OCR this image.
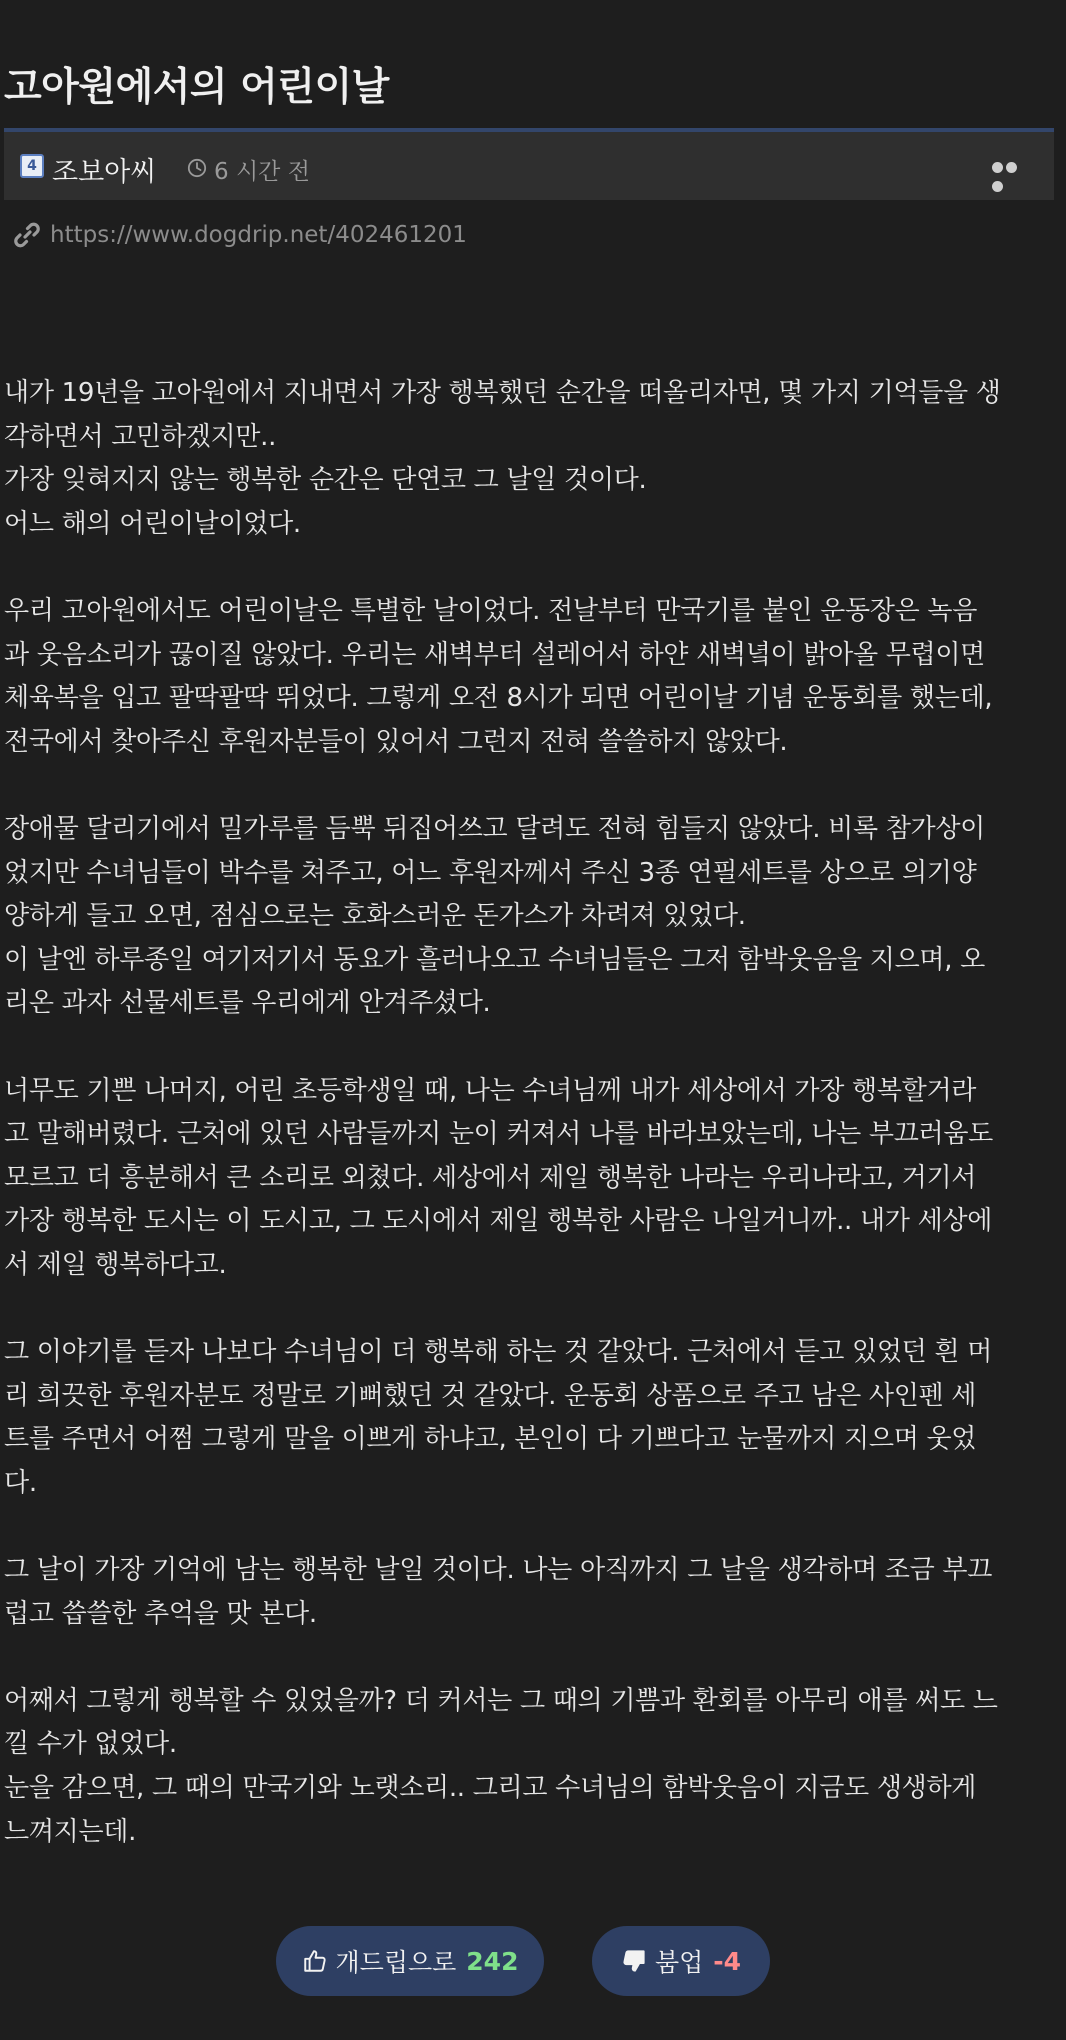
고아원에서의 어린이날
4 조보아씨	6 시간 전
https://www.dogdrip.net/402461201

내가 19년을 고아원에서 지내면서 가장 행복했던 순간을 떠올리자면, 몇 가지 기억들을 생
각하면서 고민하겠지만..
가장 잊혀지지 않는 행복한 순간은 단연코 그 날일 것이다.
어느 해의 어린이날이었다.

우리 고아원에서도 어린이날은 특별한 날이었다. 전날부터 만국기를 붙인 운동장은 녹음
과 웃음소리가 끊이질 않았다. 우리는 새벽부터 설레어서 하얀 새벽녘이 밝아올 무렵이면
체육복을 입고 팔딱팔딱 뛰었다. 그렇게 오전 8시가 되면 어린이날 기념 운동회를 했는데,
전국에서 찾아주신 후원자분들이 있어서 그런지 전혀 쓸쓸하지 않았다.

장애물 달리기에서 밀가루를 듬뿍 뒤집어쓰고 달려도 전혀 힘들지 않았다. 비록 참가상이
었지만 수녀님들이 박수를 쳐주고, 어느 후원자께서 주신 3종 연필세트를 상으로 의기양
양하게 들고 오면, 점심으로는 호화스러운 돈가스가 차려져 있었다.
이 날엔 하루종일 여기저기서 동요가 흘러나오고 수녀님들은 그저 함박웃음을 지으며, 오
리온 과자 선물세트를 우리에게 안겨주셨다.

너무도 기쁜 나머지, 어린 초등학생일 때, 나는 수녀님께 내가 세상에서 가장 행복할거라
고 말해버렸다. 근처에 있던 사람들까지 눈이 커져서 나를 바라보았는데, 나는 부끄러움도
모르고 더 흥분해서 큰 소리로 외쳤다. 세상에서 제일 행복한 나라는 우리나라고, 거기서
가장 행복한 도시는 이 도시고, 그 도시에서 제일 행복한 사람은 나일거니까.. 내가 세상에
서 제일 행복하다고.

그 이야기를 듣자 나보다 수녀님이 더 행복해 하는 것 같았다. 근처에서 듣고 있었던 흰 머
리 희끗한 후원자분도 정말로 기뻐했던 것 같았다. 운동회 상품으로 주고 남은 사인펜 세
트를 주면서 어쩜 그렇게 말을 이쁘게 하냐고, 본인이 다 기쁘다고 눈물까지 지으며 웃었
다.

그 날이 가장 기억에 남는 행복한 날일 것이다. 나는 아직까지 그 날을 생각하며 조금 부끄
럽고 씁쓸한 추억을 맛 본다.

어째서 그렇게 행복할 수 있었을까? 더 커서는 그 때의 기쁨과 환회를 아무리 애를 써도 느
낄 수가 없었다.
눈을 감으면, 그 때의 만국기와 노랫소리.. 그리고 수녀님의 함박웃음이 지금도 생생하게
느껴지는데.

개드립으로 242	붐업 -4
